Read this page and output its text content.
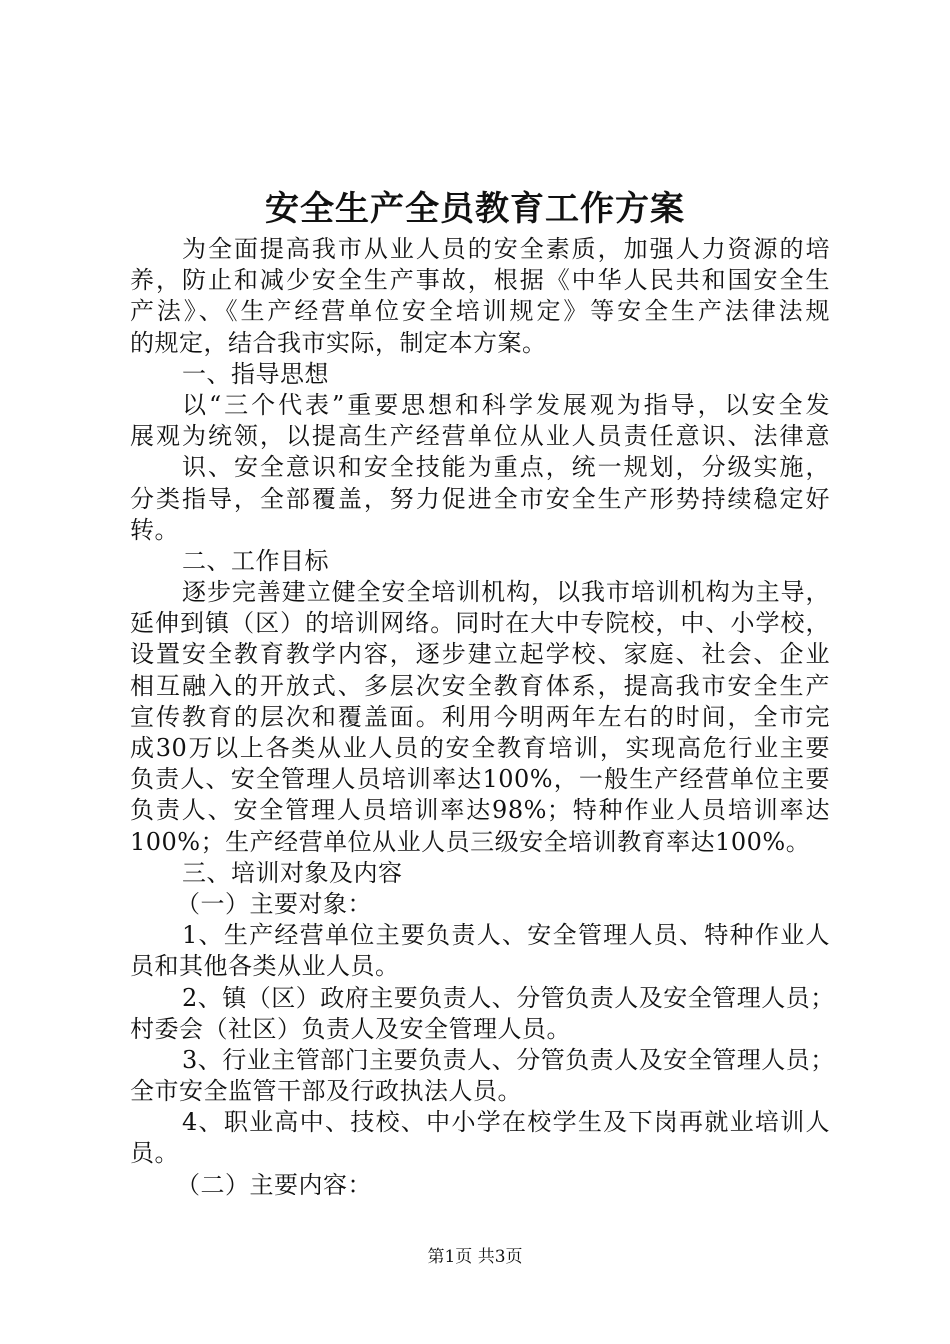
安全生产全员教育工作方案
为全面提高我市从业人员的安全素质，加强人力资源的培
养，防止和减少安全生产事故，根据《中华人民共和国安全生
产法》、《生产经营单位安全培训规定》等安全生产法律法规
的规定，结合我市实际，制定本方案。
一、指导思想
以“三个代表”重要思想和科学发展观为指导，以安全发
展观为统领，以提高生产经营单位从业人员责任意识、法律意
识、安全意识和安全技能为重点，统一规划，分级实施，
分类指导，全部覆盖，努力促进全市安全生产形势持续稳定好
转。
二、工作目标
逐步完善建立健全安全培训机构，以我市培训机构为主导，
延伸到镇（区）的培训网络。同时在大中专院校，中、小学校，
设置安全教育教学内容，逐步建立起学校、家庭、社会、企业
相互融入的开放式、多层次安全教育体系，提高我市安全生产
宣传教育的层次和覆盖面。利用今明两年左右的时间，全市完
成30万以上各类从业人员的安全教育培训，实现高危行业主要
负责人、安全管理人员培训率达100%，一般生产经营单位主要
负责人、安全管理人员培训率达98%；特种作业人员培训率达
100%；生产经营单位从业人员三级安全培训教育率达100%。
三、培训对象及内容
（一）主要对象：
1、生产经营单位主要负责人、安全管理人员、特种作业人
员和其他各类从业人员。
2、镇（区）政府主要负责人、分管负责人及安全管理人员；
村委会（社区）负责人及安全管理人员。
3、行业主管部门主要负责人、分管负责人及安全管理人员；
全市安全监管干部及行政执法人员。
4、职业高中、技校、中小学在校学生及下岗再就业培训人
员。
（二）主要内容：
第1页 共3页
